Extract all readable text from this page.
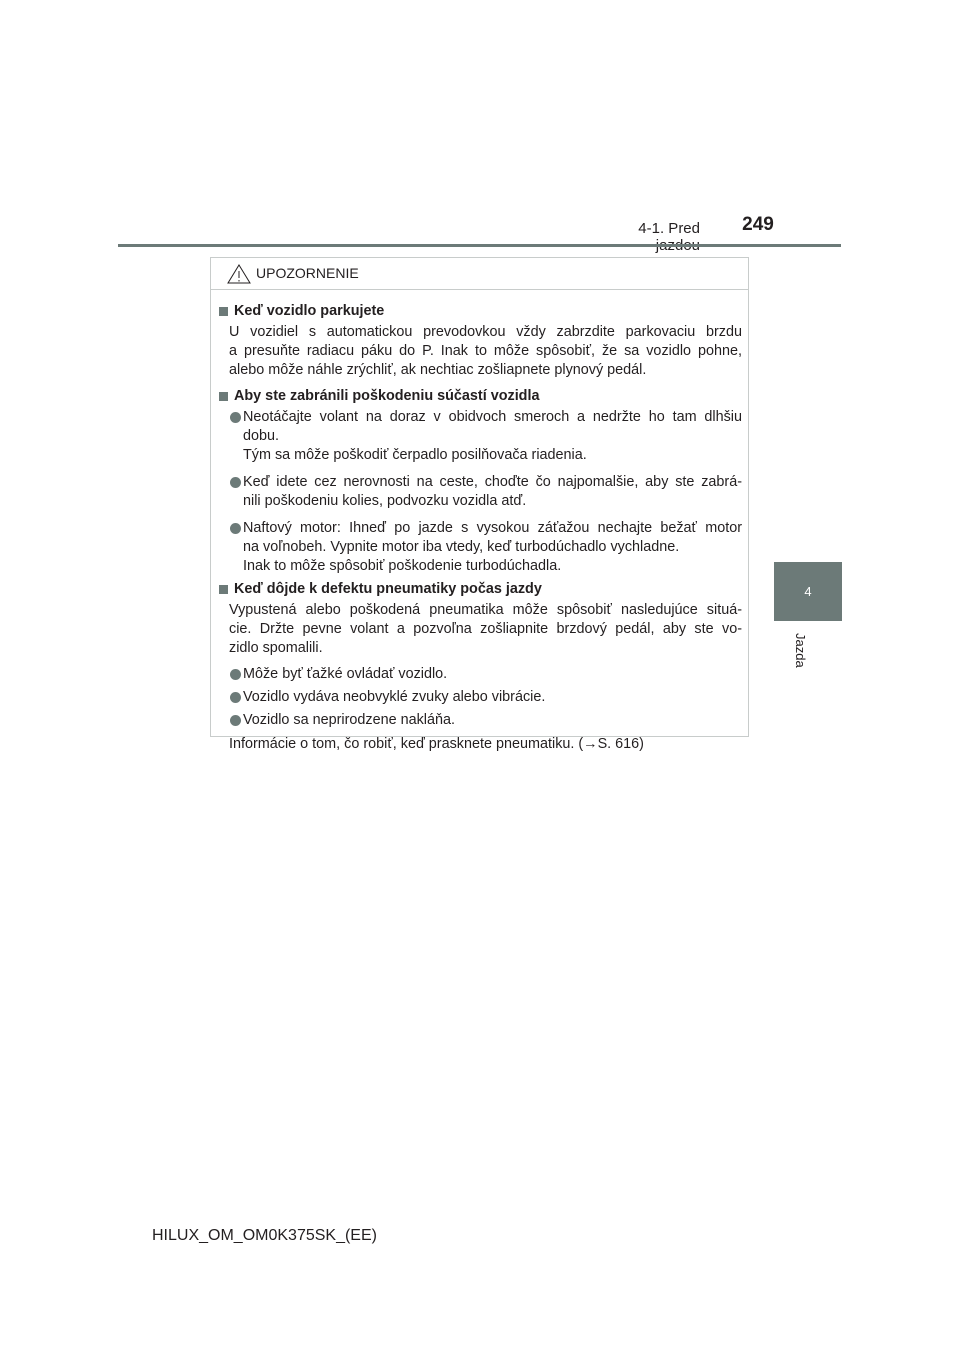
4-1. Pred 249
4
Jazda
UPOZORNENIE
Keď vozidlo parkujete
U vozidiel s automatickou prevodovkou vždy zabrzdite parkovaciu brzdu
a presuňte radiacu páku do P. Inak to môže spôsobiť, že sa vozidlo pohne,
alebo môže náhle zrýchliť, ak nechtiac zošliapnete plynový pedál.
Aby ste zabránili poškodeniu súčastí vozidla
Neotáčajte volant na doraz v obidvoch smeroch a nedržte ho tam dlhšiu
dobu.
Tým sa môže poškodiť čerpadlo posilňovača riadenia.
Keď idete cez nerovnosti na ceste, choďte čo najpomalšie, aby ste zabrá-
nili poškodeniu kolies, podvozku vozidla atď.
Naftový motor: Ihneď po jazde s vysokou záťažou nechajte bežať motor
na voľnobeh. Vypnite motor iba vtedy, keď turbodúchadlo vychladne.
Inak to môže spôsobiť poškodenie turbodúchadla.
Keď dôjde k defektu pneumatiky počas jazdy
Vypustená alebo poškodená pneumatika môže spôsobiť nasledujúce situá-
cie. Držte pevne volant a pozvoľna zošliapnite brzdový pedál, aby ste vo-
zidlo spomalili.
Môže byť ťažké ovládať vozidlo.
Vozidlo vydáva neobvyklé zvuky alebo vibrácie.
Vozidlo sa neprirodzene nakláňa.
Informácie o tom, čo robiť, keď prasknete pneumatiku. (→S. 616)
HILUX_OM_OM0K375SK_(EE)
